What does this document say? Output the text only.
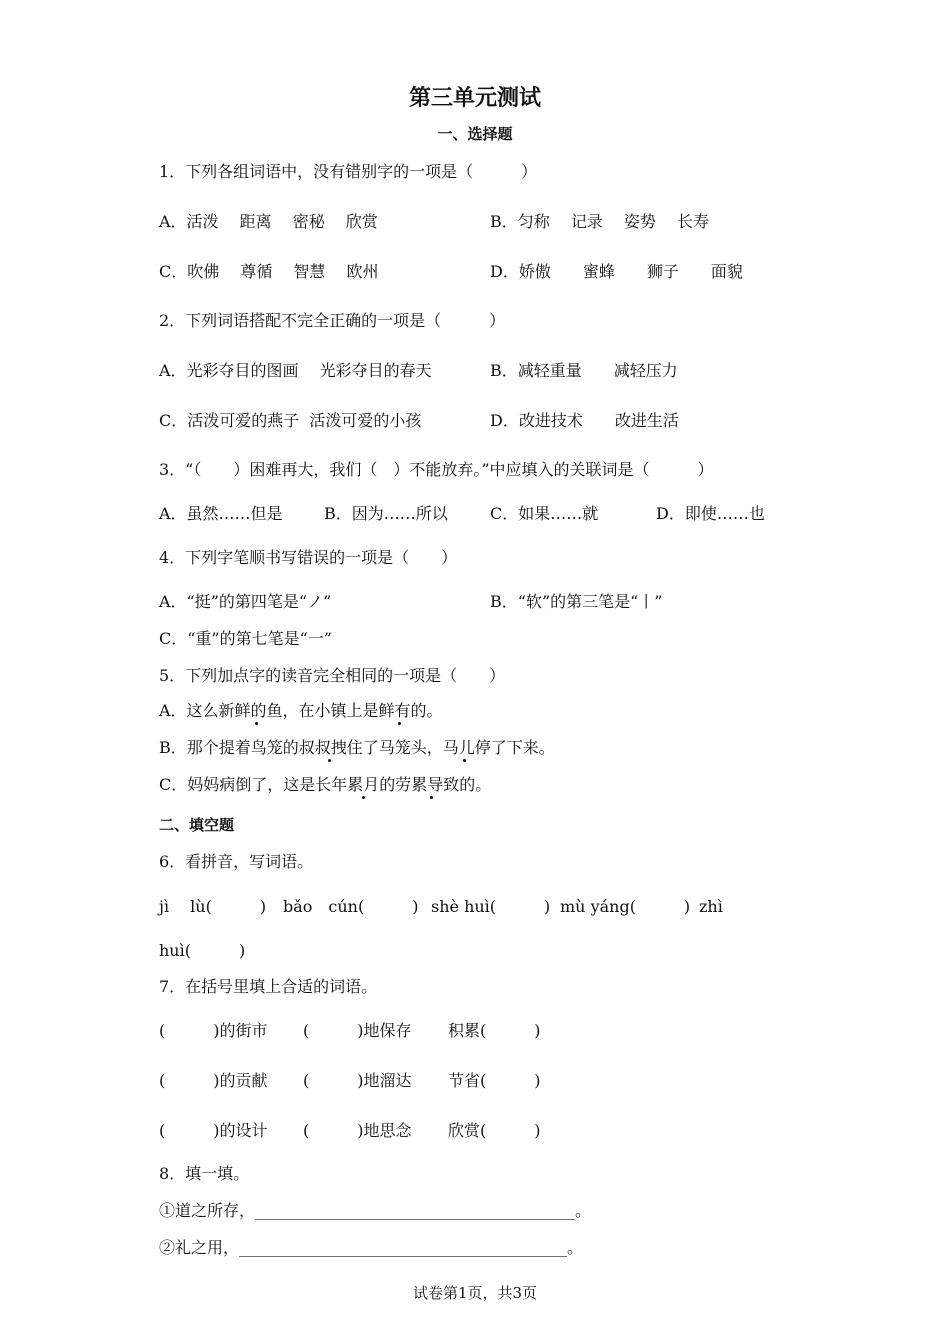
第三单元测试
一、选择题
1．下列各组词语中，没有错别字的一项是（　　　）
A．活泼　 距离　 密秘　 欣赏	B．匀称　 记录　 姿势　 长寿
C．吹佛　 尊循　 智慧　 欧州	D．娇傲　　蜜蜂　　狮子　　面貌
2．下列词语搭配不完全正确的一项是（　　　）
A．光彩夺目的图画　 光彩夺目的春天	B．减轻重量　　减轻压力
C．活泼可爱的燕子  活泼可爱的小孩	D．改进技术　　改进生活
3．“（　　）困难再大，我们（　）不能放弃。”中应填入的关联词是（　　　）
A．虽然……但是	B．因为……所以	C．如果……就	D．即使……也
4．下列字笔顺书写错误的一项是（　　）
A．“挺”的第四笔是“ノ”	B．“软”的第三笔是“丨”
C．“重”的第七笔是“一”
5．下列加点字的读音完全相同的一项是（　　）
A．这么新鲜的鱼，在小镇上是鲜有的。
B．那个提着鸟笼的叔叔拽住了马笼头，马儿停了下来。
C．妈妈病倒了，这是长年累月的劳累导致的。
二、填空题
6．看拼音，写词语。
jì　 lù(　　　) bǎo　cún(　　　) shè huì(　　　) mù yáng(　　　) zhì
huì(　　　)
7．在括号里填上合适的词语。
(　　　)的街市 (　　　)地保存 积累(　　　)
(　　　)的贡献 (　　　)地溜达 节省(　　　)
(　　　)的设计 (　　　)地思念 欣赏(　　　)
8．填一填。
①道之所存，________________________________________。
②礼之用，_________________________________________。
试卷第1页，共3页
